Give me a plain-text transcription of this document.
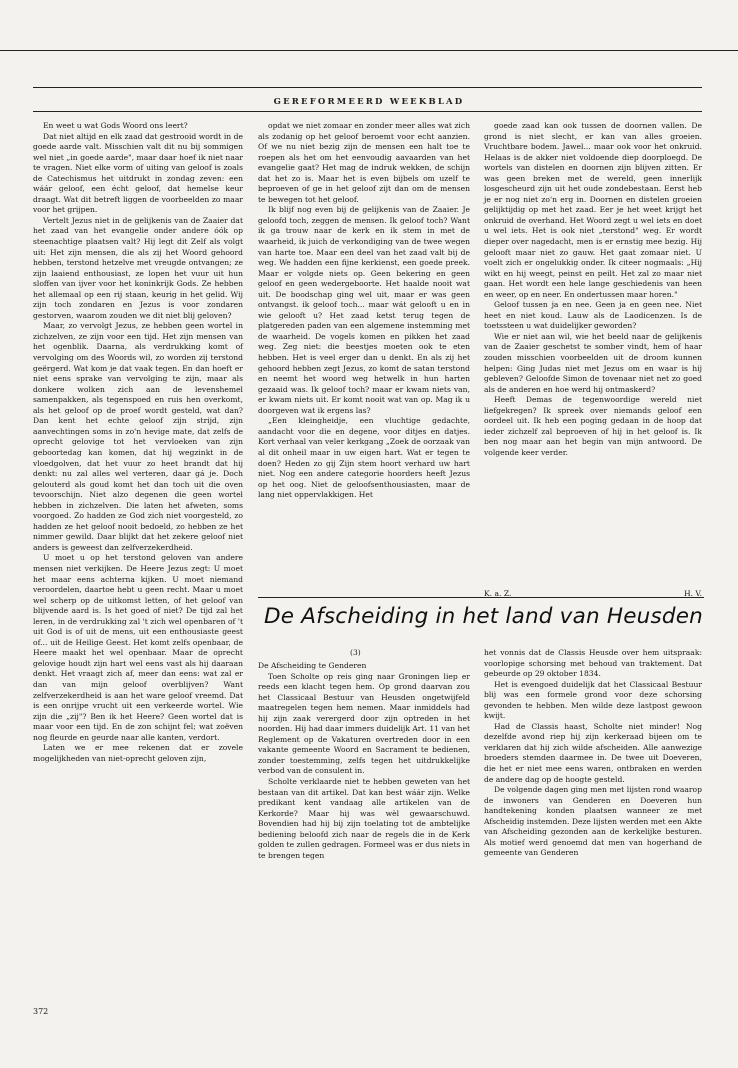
GEREFORMEERD WEEKBLAD

En weet u wat Gods Woord ons leert?

Dat niet altijd en elk zaad dat gestrooid wordt in de goede aarde valt. Misschien valt dit nu bij sommigen wel niet „in goede aarde", maar daar hoef ik niet naar te vragen. Niet elke vorm of uiting van geloof is zoals de Catechismus het uitdrukt in zondag zeven: een wáár geloof, een écht geloof, dat hemelse keur draagt. Wat dit betreft liggen de voorbeelden zo maar voor het grijpen.

Vertelt Jezus niet in de gelijkenis van de Zaaier dat het zaad van het evangelie onder andere óók op steenachtige plaatsen valt? Hij legt dit Zelf als volgt uit: Het zijn mensen, die als zij het Woord gehoord hebben, terstond hetzelve met vreugde ontvangen; ze zijn laaiend enthousiast, ze lopen het vuur uit hun sloffen van ijver voor het koninkrijk Gods. Ze hebben het allemaal op een rij staan, keurig in het gelid. Wij zijn toch zondaren en Jezus is voor zondaren gestorven, waarom zouden we dit niet blij geloven?

Maar, zo vervolgt Jezus, ze hebben geen wortel in zichzelven, ze zijn voor een tijd. Het zijn mensen van het ogenblik. Daarna, als verdrukking komt of vervolging om des Woords wil, zo worden zij terstond geërgerd. Wat kom je dat vaak tegen. En dan hoeft er niet eens sprake van vervolging te zijn, maar als donkere wolken zich aan de levenshemel samenpakken, als tegenspoed en ruis hen overkomt, als het geloof op de proef wordt gesteld, wat dan? Dan kent het echte geloof zijn strijd, zijn aanvechtingen soms in zo'n hevige mate, dat zelfs de oprecht gelovige tot het vervloeken van zijn geboortedag kan komen, dat hij wegzinkt in de vloedgolven, dat het vuur zo heet brandt dat hij denkt: nu zal alles wel verteren, daar gá je. Doch gelouterd als goud komt het dan toch uit die oven tevoorschijn. Niet alzo degenen die geen wortel hebben in zichzelven. Die laten het afweten, soms voorgoed. Zo hadden ze God zich niet voorgesteld, zo hadden ze het geloof nooit bedoeld, zo hebben ze het nimmer gewild. Daar blijkt dat het zekere geloof niet anders is geweest dan zelfverzekerdheid.

U moet u op het terstond geloven van andere mensen niet verkijken. De Heere Jezus zegt: U moet het maar eens achterna kijken. U moet niemand veroordelen, daartoe hebt u geen recht. Maar u moet wel scherp op de uitkomst letten, of het geloof van blijvende aard is. Is het goed of niet? De tijd zal het leren, in de verdrukking zal 't zich wel openbaren of 't uit God is of uit de mens, uit een enthousiaste geest of... uit de Heilige Geest. Het komt zelfs openbaar, de Heere maakt het wel openbaar. Maar de oprecht gelovige houdt zijn hart wel eens vast als hij daaraan denkt. Het vraagt zich af, meer dan eens: wat zal er dan van mijn geloof overblijven? Want zelfverzekerdheid is aan het ware geloof vreemd. Dat is een onrijpe vrucht uit een verkeerde wortel. Wie zijn die „zij"? Ben ik het Heere? Geen wortel dat is maar voor een tijd. En de zon schijnt fel; wat zoëven nog fleurde en geurde naar alle kanten, verdort.

Laten we er mee rekenen dat er zovele mogelijkheden van niet-oprecht geloven zijn,

opdat we niet zomaar en zonder meer alles wat zich als zodanig op het geloof beroemt voor echt aanzien. Of we nu niet bezig zijn de mensen een halt toe te roepen als het om het eenvoudig aavaarden van het evangelie gaat? Het mag de indruk wekken, de schijn dat het zo is. Maar het is even bijbels om uzelf te beproeven of ge in het geloof zijt dan om de mensen te bewegen tot het geloof.

Ik blijf nog even bij de gelijkenis van de Zaaier. Je geloofd toch, zeggen de mensen. Ik geloof toch? Want ik ga trouw naar de kerk en ik stem in met de waarheid, ik juich de verkondiging van de twee wegen van harte toe. Maar een deel van het zaad valt bij de weg. We hadden een fijne kerkienst, een goede preek. Maar er volgde niets op. Geen bekering en geen geloof en geen wedergeboorte. Het haalde nooit wat uit. De boodschap ging wel uit, maar er was geen ontvangst. ik geloof toch... maar wát gelooft u en in wie gelooft u? Het zaad ketst terug tegen de platgereden paden van een algemene instemming met de waarheid. De vogels komen en pikken het zaad weg. Zeg niet: die beestjes moeten ook te eten hebben. Het is veel erger dan u denkt. En als zij het gehoord hebben zegt Jezus, zo komt de satan terstond en neemt het woord weg hetwelk in hun harten gezaaid was. Ik geloof toch? maar er kwam niets van, er kwam niets uit. Er komt nooit wat van op. Mag ik u doorgeven wat ik ergens las?

„Een kleingheidje, een vluchtige gedachte, aandacht voor die en degene, voor ditjes en datjes. Kort verhaal van veler kerkgang „Zoek de oorzaak van al dit onheil maar in uw eigen hart. Wat er tegen te doen? Heden zo gij Zijn stem hoort verhard uw hart niet. Nog een andere categorie hoorders heeft Jezus op het oog. Niet de geloofsenthousiasten, maar de lang niet oppervlakkigen. Het

goede zaad kan ook tussen de doornen vallen. De grond is niet slecht, er kan van alles groeien. Vruchtbare bodem. Jawel... maar ook voor het onkruid. Helaas is de akker niet voldoende diep doorploegd. De wortels van distelen en doornen zijn blijven zitten. Er was geen breken met de wereld, geen innerlijk losgescheurd zijn uit het oude zondebestaan. Eerst heb je er nog niet zo'n erg in. Doornen en distelen groeien gelijktijdig op met het zaad. Eer je het weet krijgt het onkruid de overhand. Het Woord zegt u wel iets en doet u wel iets. Het is ook niet „terstond" weg. Er wordt dieper over nagedacht, men is er ernstig mee bezig. Hij gelooft maar niet zo gauw. Het gaat zomaar niet. U voelt zich er ongelukkig onder. Ik citeer nogmaals: „Hij wikt en hij weegt, peinst en peilt. Het zal zo maar niet gaan. Het wordt een hele lange geschiedenis van heen en weer, op en neer. En ondertussen maar horen."

Geloof tussen ja en nee. Geen ja en geen nee. Niet heet en niet koud. Lauw als de Laodicenzen. Is de toetssteen u wat duidelijker geworden?

Wie er niet aan wil, wie het beeld naar de gelijkenis van de Zaaier geschetst te somber vindt, hem of haar zouden misschien voorbeelden uit de droom kunnen helpen: Ging Judas niet met Jezus om en waar is hij gebleven? Geloofde Simon de tovenaar niet net zo goed als de anderen en hoe werd hij ontmaskerd?

Heeft Demas de tegenwoordige wereld niet liefgekregen? Ik spreek over niemands geloof een oordeel uit. Ik heb een poging gedaan in de hoop dat ieder zichzelf zal beproeven of hij in het geloof is. Ik ben nog maar aan het begin van mijn antwoord. De volgende keer verder.

K. a. Z.	H. V.
De Afscheiding in het land van Heusden
(3)

De Afscheiding te Genderen

Toen Scholte op reis ging naar Groningen liep er reeds een klacht tegen hem. Op grond daarvan zou het Classicaal Bestuur van Heusden ongetwijfeld maatregelen tegen hem nemen. Maar inmiddels had hij zijn zaak verergerd door zijn optreden in het noorden. Hij had daar immers duidelijk Art. 11 van het Reglement op de Vakaturen overtreden door in een vakante gemeente Woord en Sacrament te bedienen, zonder toestemming, zelfs tegen het uitdrukkelijke verbod van de consulent in.

Scholte verklaarde niet te hebben geweten van het bestaan van dit artikel. Dat kan best wáár zijn. Welke predikant kent vandaag alle artikelen van de Kerkorde? Maar hij was wèl gewaarschuwd. Bovendien had hij bij zijn toelating tot de ambtelijke bediening beloofd zich naar de regels die in de Kerk golden te zullen gedragen. Formeel was er dus niets in te brengen tegen

het vonnis dat de Classis Heusde over hem uitspraak: voorlopige schorsing met behoud van traktement. Dat gebeurde op 29 oktober 1834.

Het is evengoed duidelijk dat het Classicaal Bestuur blij was een formele grond voor deze schorsing gevonden te hebben. Men wilde deze lastpost gewoon kwijt.

Had de Classis haast, Scholte niet minder! Nog dezelfde avond riep hij zijn kerkeraad bijeen om te verklaren dat hij zich wilde afscheiden. Alle aanwezige broeders stemden daarmee in. De twee uit Doeveren, die het er niet mee eens waren, ontbraken en werden de andere dag op de hoogte gesteld.

De volgende dagen ging men met lijsten rond waarop de inwoners van Genderen en Doeveren hun handtekening konden plaatsen wanneer ze met Afscheidig instemden. Deze lijsten werden met een Akte van Afscheiding gezonden aan de kerkelijke besturen. Als motief werd genoemd dat men van hogerhand de gemeente van Genderen

372
